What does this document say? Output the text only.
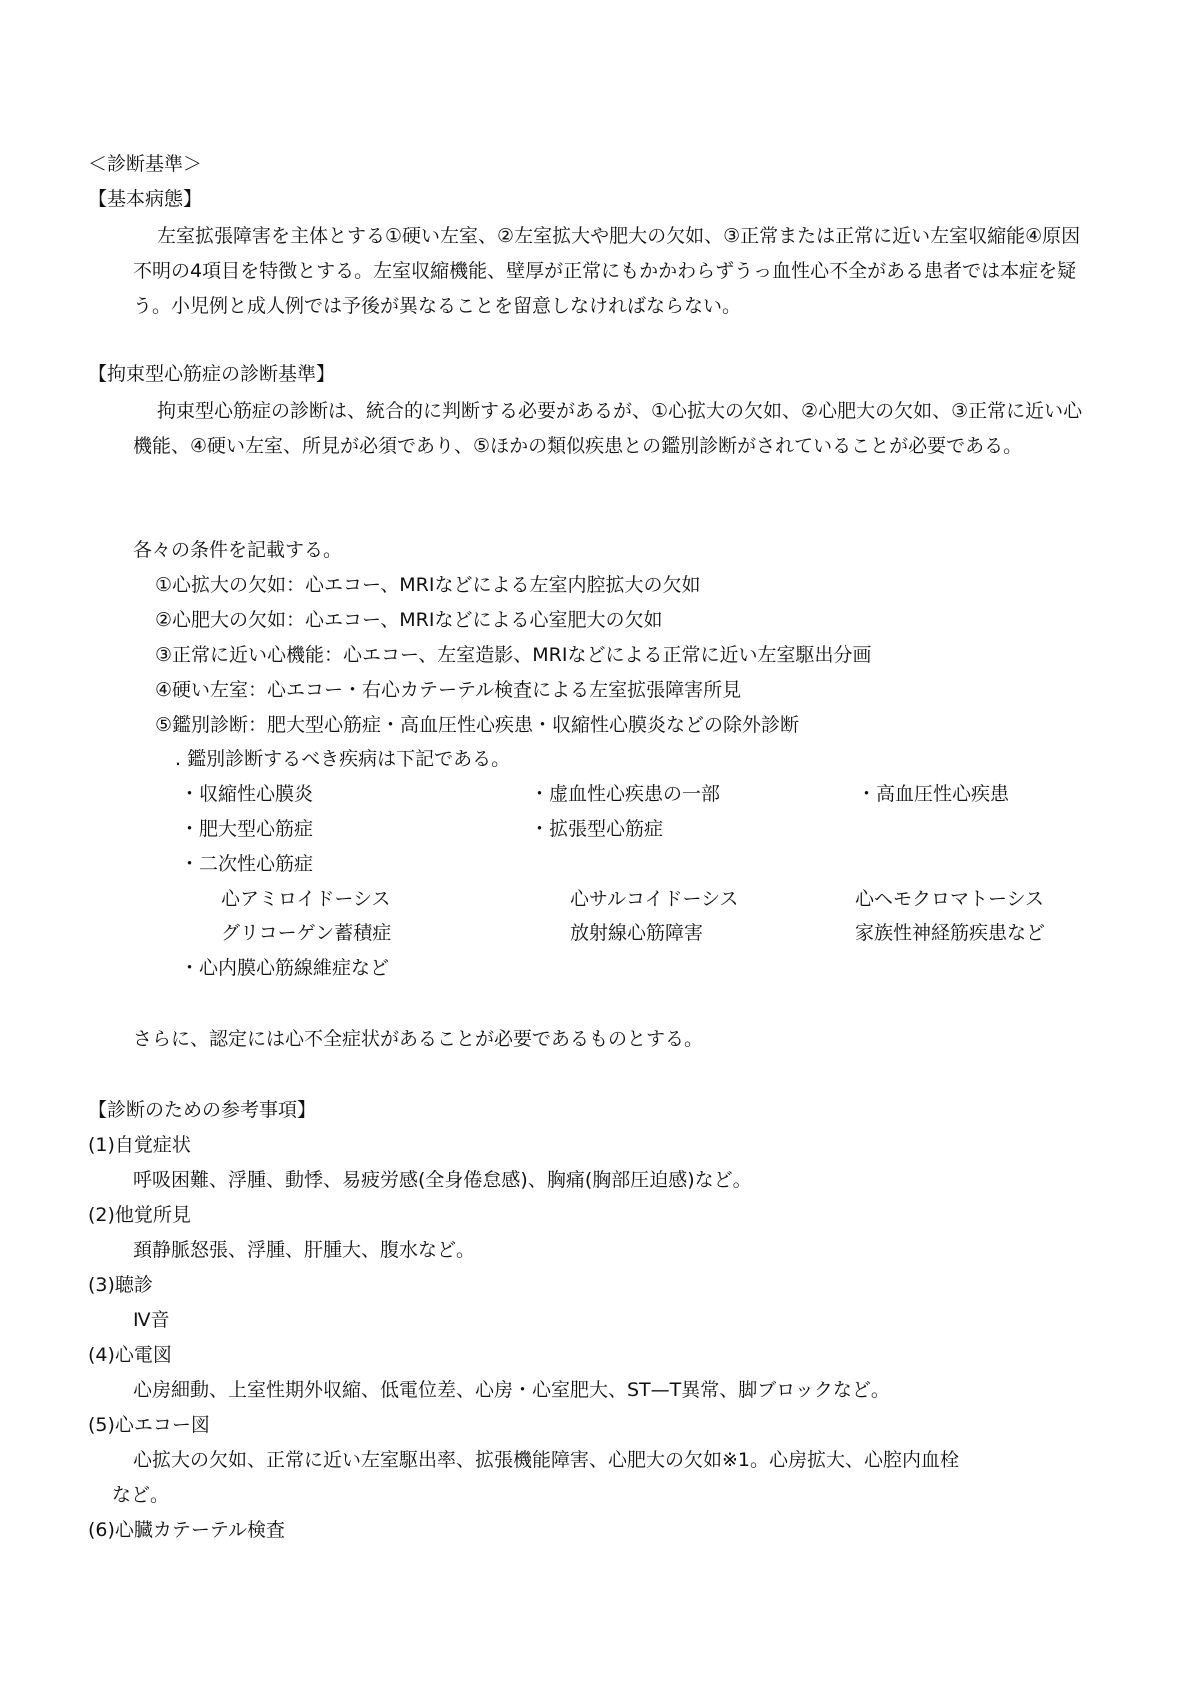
＜診断基準＞
【基本病態】
左室拡張障害を主体とする①硬い左室、②左室拡大や肥大の欠如、③正常または正常に近い左室収縮能④原因不明の4項目を特徴とする。左室収縮機能、壁厚が正常にもかかわらずうっ血性心不全がある患者では本症を疑う。小児例と成人例では予後が異なることを留意しなければならない。
【拘束型心筋症の診断基準】
拘束型心筋症の診断は、統合的に判断する必要があるが、①心拡大の欠如、②心肥大の欠如、③正常に近い心機能、④硬い左室、所見が必須であり、⑤ほかの類似疾患との鑑別診断がされていることが必要である。
各々の条件を記載する。
①心拡大の欠如：心エコー、MRIなどによる左室内腔拡大の欠如
②心肥大の欠如：心エコー、MRIなどによる心室肥大の欠如
③正常に近い心機能：心エコー、左室造影、MRIなどによる正常に近い左室駆出分画
④硬い左室：心エコー・右心カテーテル検査による左室拡張障害所見
⑤鑑別診断：肥大型心筋症・高血圧性心疾患・収縮性心膜炎などの除外診断
. 鑑別診断するべき疾病は下記である。
・収縮性心膜炎	・虚血性心疾患の一部	・高血圧性心疾患
・肥大型心筋症	・拡張型心筋症
・二次性心筋症
心アミロイドーシス	心サルコイドーシス	心ヘモクロマトーシス
グリコーゲン蓄積症	放射線心筋障害	家族性神経筋疾患など
・心内膜心筋線維症など
さらに、認定には心不全症状があることが必要であるものとする。
【診断のための参考事項】
(1)自覚症状
呼吸困難、浮腫、動悸、易疲労感(全身倦怠感)、胸痛(胸部圧迫感)など。
(2)他覚所見
頚静脈怒張、浮腫、肝腫大、腹水など。
(3)聴診
Ⅳ音
(4)心電図
心房細動、上室性期外収縮、低電位差、心房・心室肥大、ST—T異常、脚ブロックなど。
(5)心エコー図
心拡大の欠如、正常に近い左室駆出率、拡張機能障害、心肥大の欠如※1。心房拡大、心腔内血栓
など。
(6)心臓カテーテル検査
